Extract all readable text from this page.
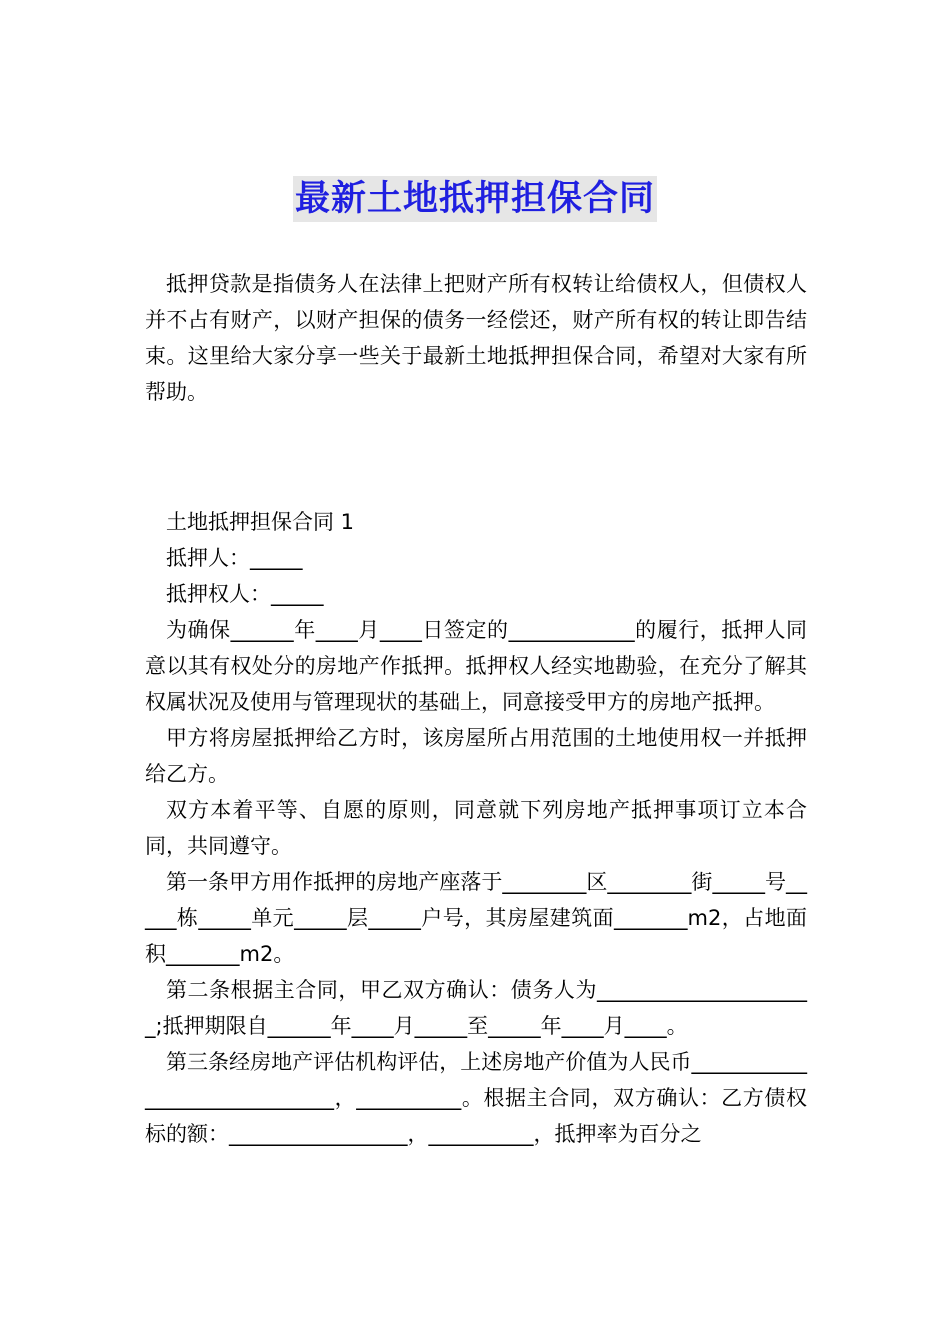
最新土地抵押担保合同

抵押贷款是指债务人在法律上把财产所有权转让给债权人，但债权人并不占有财产，以财产担保的债务一经偿还，财产所有权的转让即告结束。这里给大家分享一些关于最新土地抵押担保合同，希望对大家有所帮助。

土地抵押担保合同 1

抵押人：_____

抵押权人：_____

为确保______年____月____日签定的____________的履行，抵押人同意以其有权处分的房地产作抵押。抵押权人经实地勘验，在充分了解其权属状况及使用与管理现状的基础上，同意接受甲方的房地产抵押。

甲方将房屋抵押给乙方时，该房屋所占用范围的土地使用权一并抵押给乙方。

双方本着平等、自愿的原则，同意就下列房地产抵押事项订立本合同，共同遵守。

第一条甲方用作抵押的房地产座落于________区________街_____号_____栋_____单元_____层_____户号，其房屋建筑面_______m2，占地面积_______m2。

第二条根据主合同，甲乙双方确认：债务人为_____________________;抵押期限自______年____月_____至_____年____月____。

第三条经房地产评估机构评估，上述房地产价值为人民币_____________________________，__________。根据主合同，双方确认：乙方债权标的额：_________________，__________，抵押率为百分之
